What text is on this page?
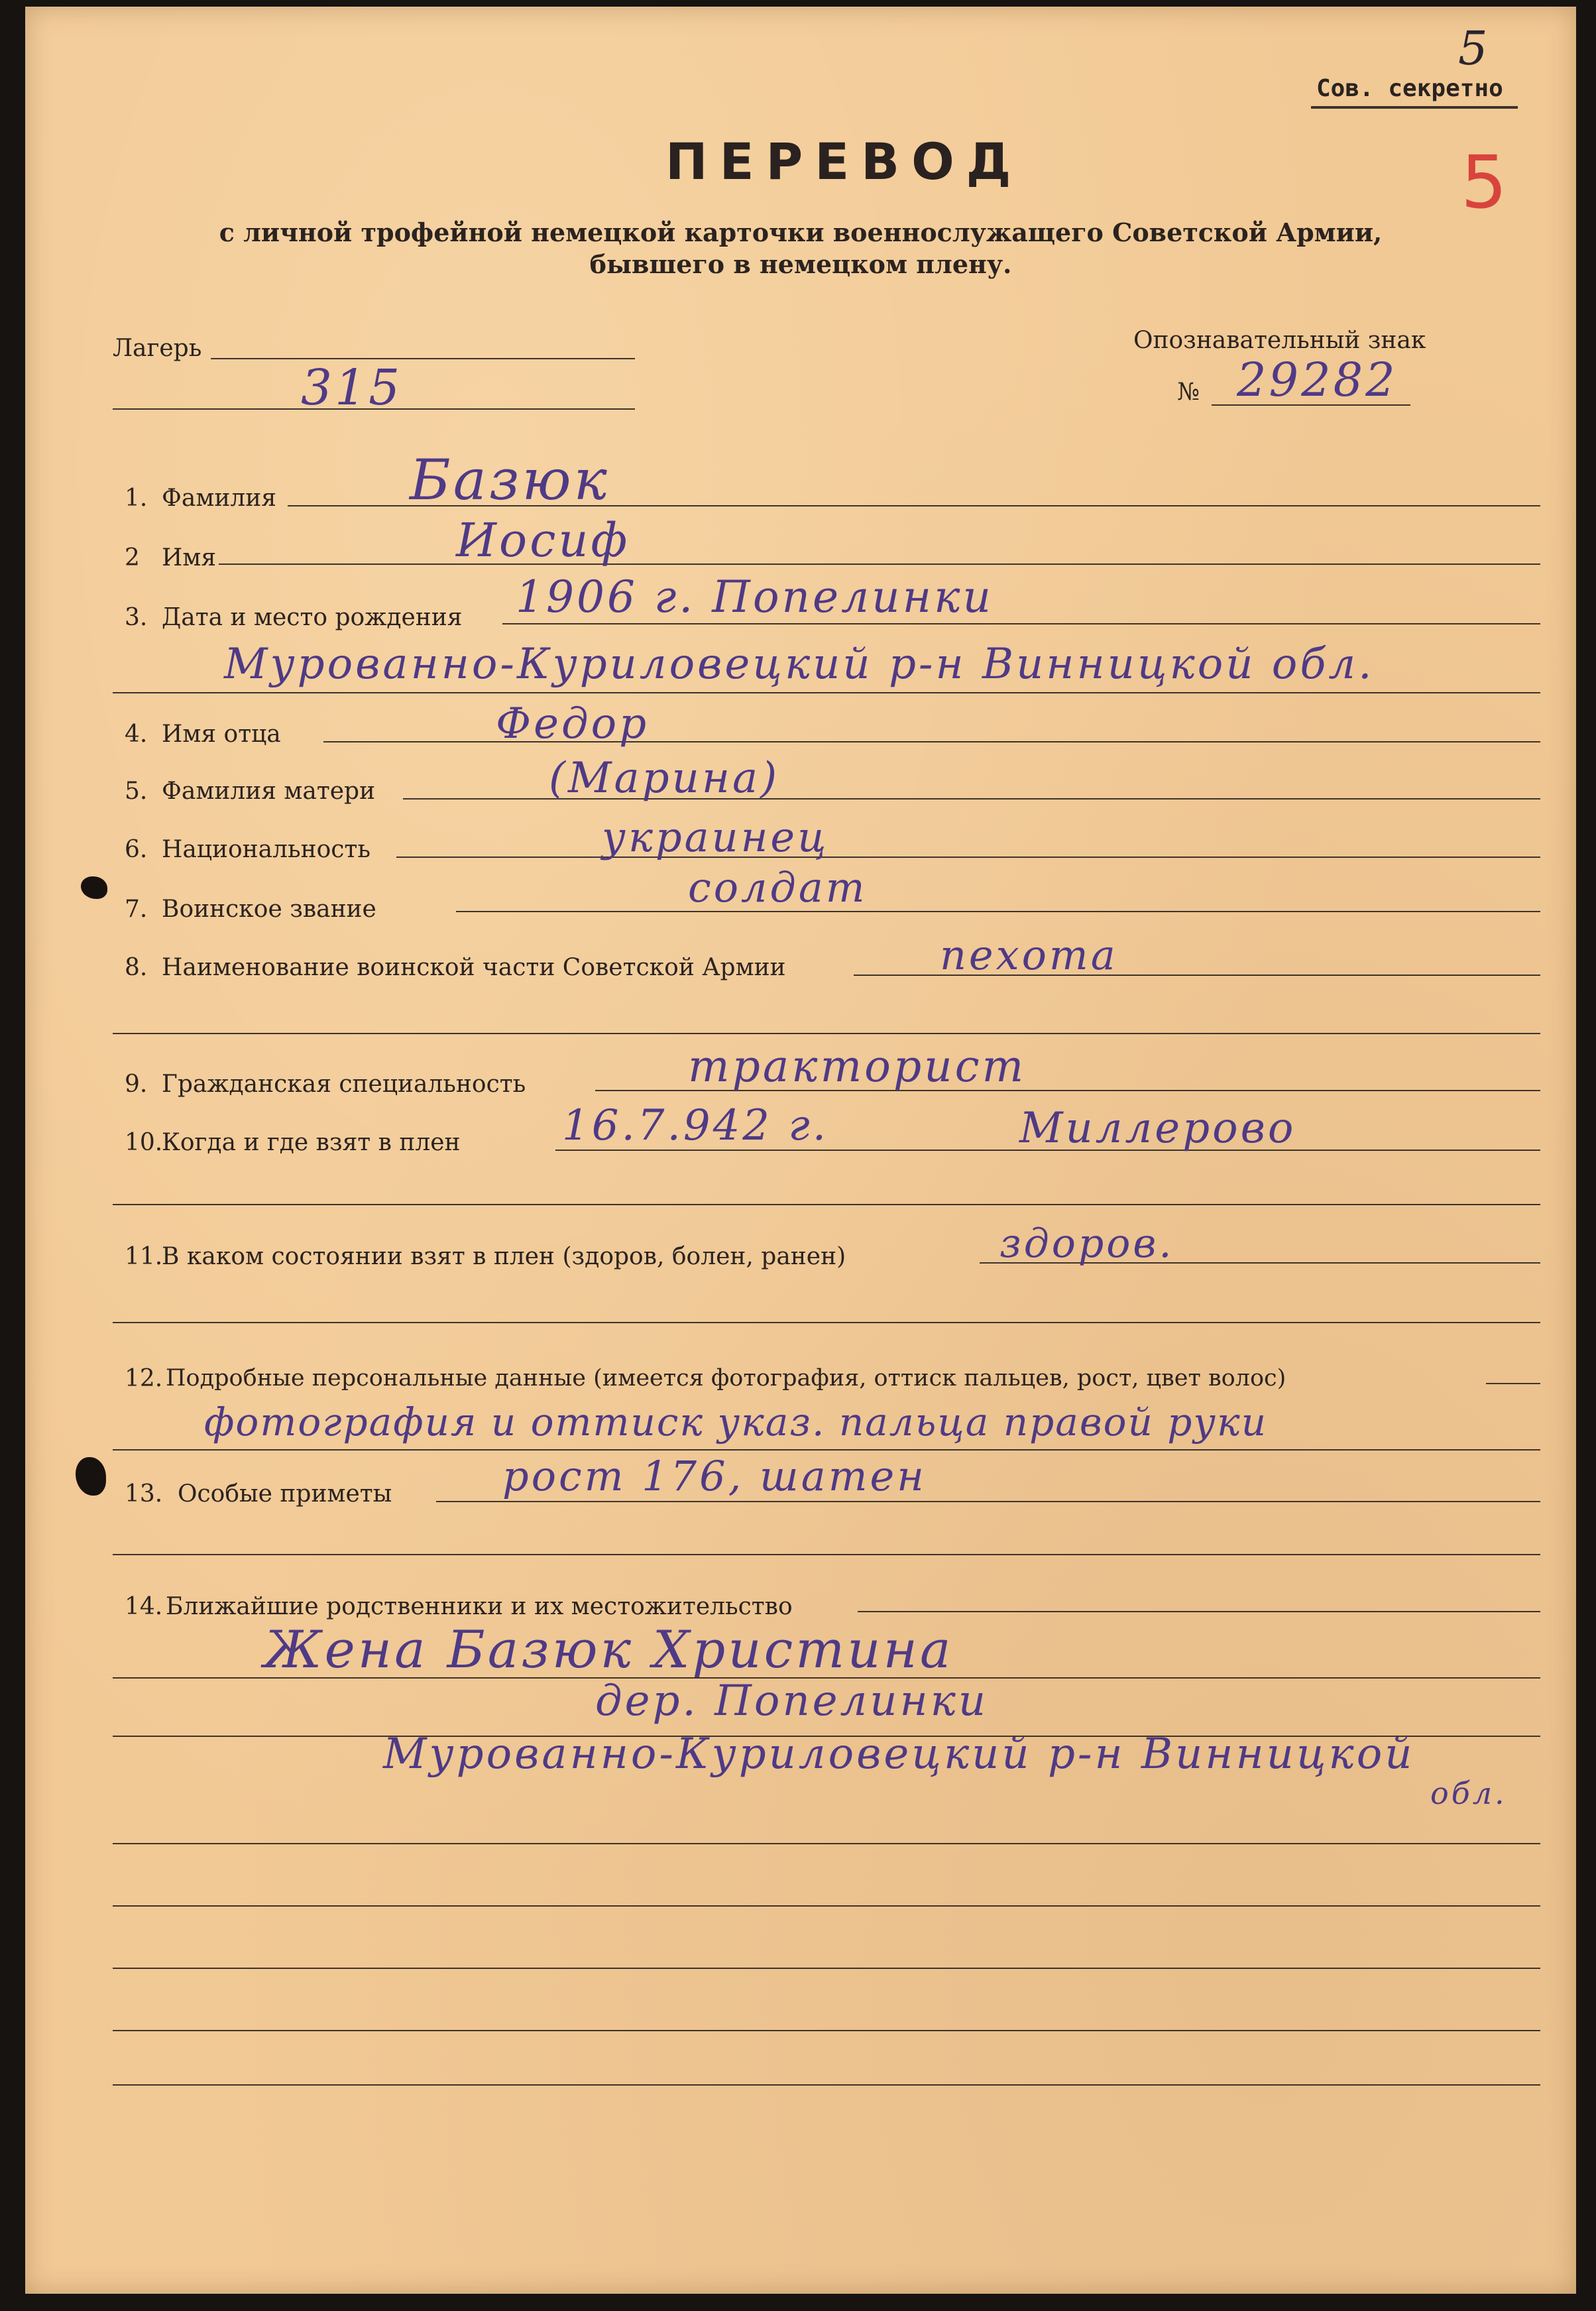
5
Сов. секретно
5
ПЕРЕВОД
с личной трофейной немецкой карточки военнослужащего Советской Армии,
бывшего в немецком плену.
Лагерь
315
Опознавательный знак
№ 29282
1. Фамилия Базюк
2 Имя	Иосиф
3. Дата и место рождения 1906 г. Попелинки
Мурованно-Куриловецкий р-н Винницкой обл.
4. Имя отца	Федор
5. Фамилия матери	(Марина)
6. Национальность	украинец
7. Воинское звание	солдат
8. Наименование воинской части Советской Армии	пехота
9. Гражданская специальность	тракторист
10.
Когда и где взят в плен 16.7.942 г.	Миллерово
11.
В каком состоянии взят в плен (здоров, болен, ранен)	здоров.
12. Подробные персональные данные (имеется фотография, оттиск пальцев, рост, цвет волос)
фотография и оттиск указ. пальца правой руки
13. Особые приметы	рост 176, шатен
14. Ближайшие родственники и их местожительство
Жена Базюк Христина
дер. Попелинки
Мурованно-Куриловецкий р-н Винницкой
обл.
